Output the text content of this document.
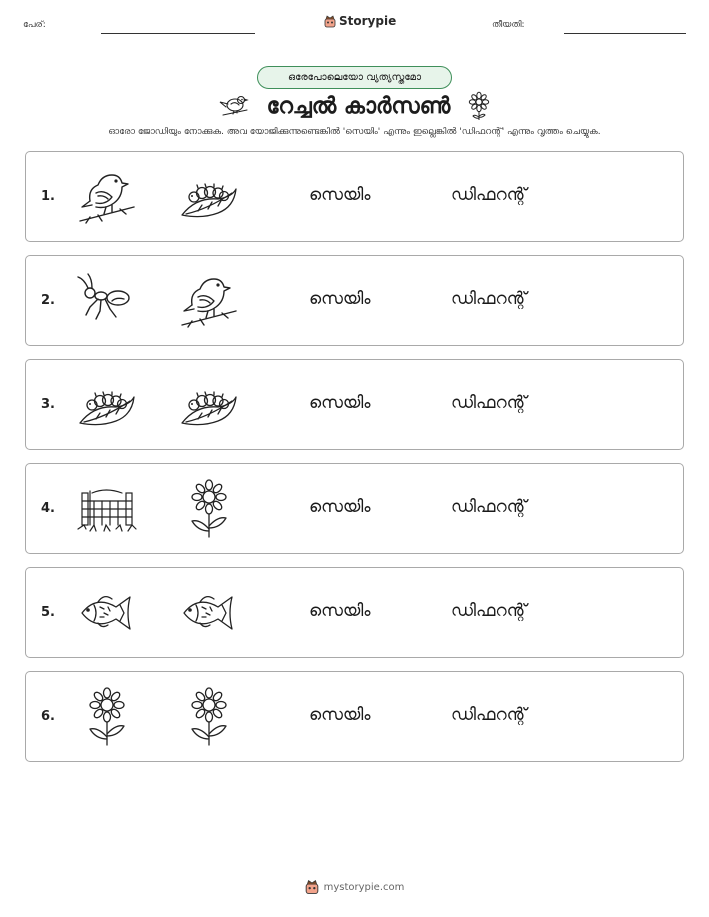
പേര്:	Storypie	തീയതി:
ഒരേപോലെയോ വ്യത്യസ്തമോ
റേച്ചൽ കാർസൺ
ഓരോ ജോഡിയും നോക്കുക. അവ യോജിക്കുന്നുണ്ടെങ്കിൽ 'സെയിം' എന്നും ഇല്ലെങ്കിൽ 'ഡിഫറന്റ്' എന്നും വൃത്തം ചെയ്യുക.
1.	സെയിം	ഡിഫറന്റ്
2.	സെയിം	ഡിഫറന്റ്
3.	സെയിം	ഡിഫറന്റ്
4.	സെയിം	ഡിഫറന്റ്
5.	സെയിം	ഡിഫറന്റ്
6.	സെയിം	ഡിഫറന്റ്
mystorypie.com
